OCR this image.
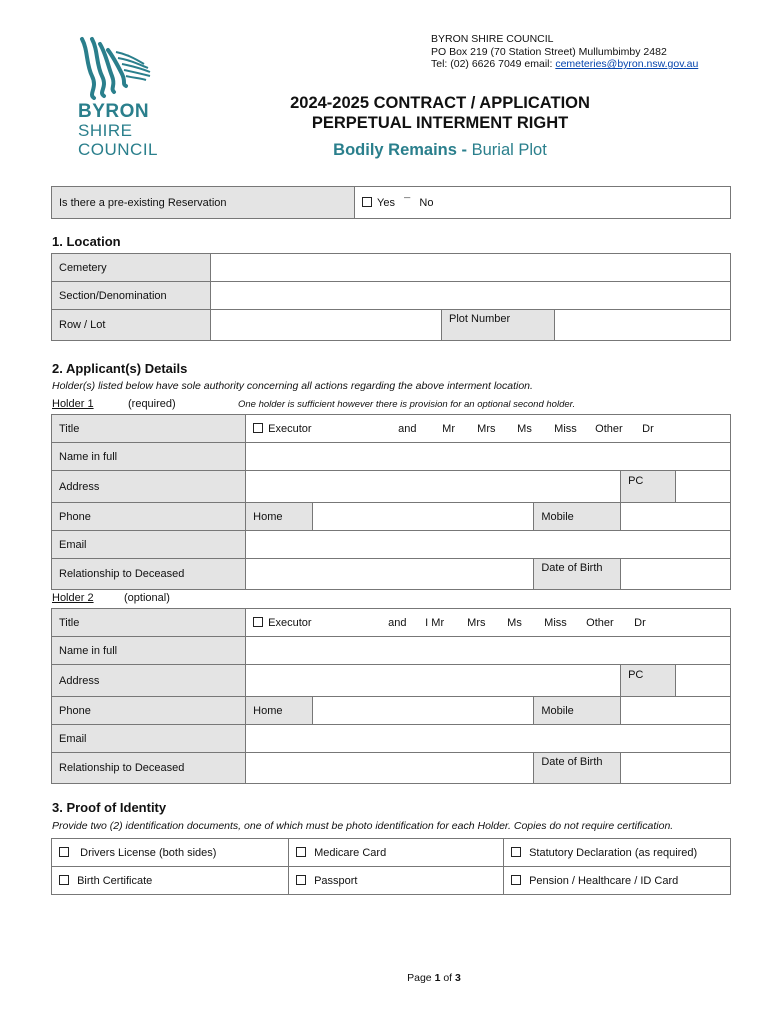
BYRON
SHIRE
COUNCIL
BYRON SHIRE COUNCIL
PO Box 219 (70 Station Street) Mullumbimby 2482
Tel: (02) 6626 7049 email: cemeteries@byron.nsw.gov.au
2024-2025 CONTRACT / APPLICATION
PERPETUAL INTERMENT RIGHT
Bodily Remains - Burial Plot
Is there a pre-existing Reservation	Yes ¯ No
1. Location
Cemetery			
Section/Denomination			
Row / Lot		Plot Number	
2. Applicant(s) Details
Holder(s) listed below have sole authority concerning all actions regarding the above interment location.
Holder 1	(required)	One holder is sufficient however there is provision for an optional second holder.
Title	Executor and Mr Mrs Ms Miss Other Dr				
Name in full					
Address				PC	
Phone	Home		Mobile		
Email					
Relationship to Deceased			Date of Birth		
Holder 2	(optional)
Title	Executor and I Mr Mrs Ms Miss Other Dr				
Name in full					
Address				PC	
Phone	Home		Mobile		
Email					
Relationship to Deceased			Date of Birth		
3. Proof of Identity
Provide two (2) identification documents, one of which must be photo identification for each Holder. Copies do not require certification.
Drivers License (both sides)	Medicare Card	Statutory Declaration (as required)
Birth Certificate	Passport	Pension / Healthcare / ID Card
Page 1 of 3
